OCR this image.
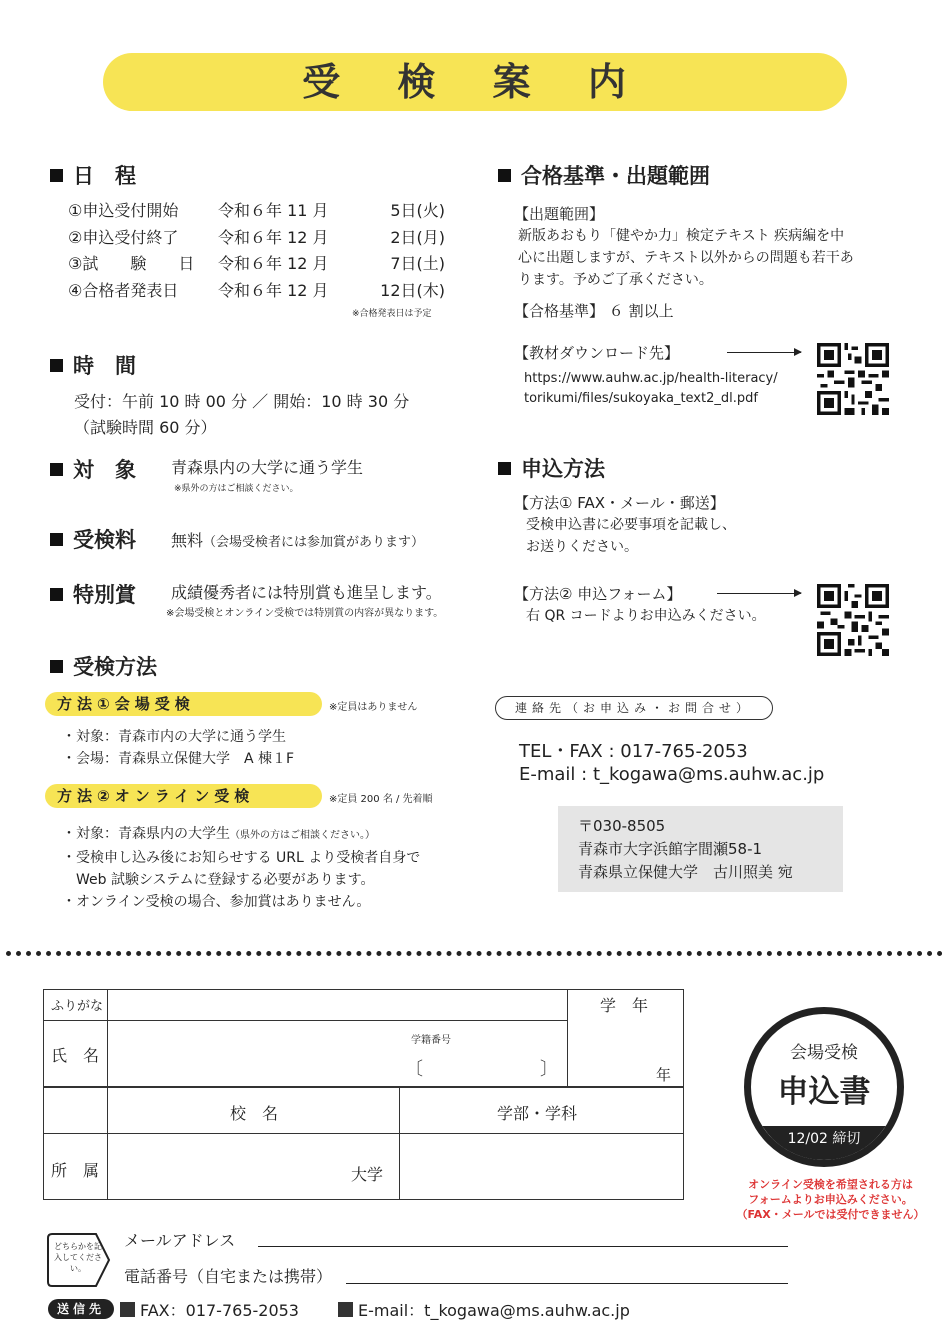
受 検 案 内
日　程
①申込受付開始 令和６年 11 月	5日(火)
②申込受付終了 令和６年 12 月	2日(月)
③試　　験　　日 令和６年 12 月	7日(土)
④合格者発表日 令和６年 12 月	12日(木)
※合格発表日は予定
時　間
受付：午前 10 時 00 分 ／ 開始：10 時 30 分
（試験時間 60 分）
対　象 青森県内の大学に通う学生
※県外の方はご相談ください。
受検料 無料（会場受検者には参加賞があります）
特別賞 成績優秀者には特別賞も進呈します。
※会場受検とオンライン受検では特別賞の内容が異なります。
受検方法
方法①会場受検	※定員はありません
・対象：青森市内の大学に通う学生
・会場：青森県立保健大学　A 棟１F
方法②オンライン受検	※定員 200 名 / 先着順
・対象：青森県内の大学生（県外の方はご相談ください。）
・受検申し込み後にお知らせする URL より受検者自身で
Web 試験システムに登録する必要があります。
・オンライン受検の場合、参加賞はありません。
合格基準・出題範囲
【出題範囲】
新版あおもり「健やか力」検定テキスト 疾病編を中
心に出題しますが、テキスト以外からの問題も若干あ
ります。予めご了承ください。
【合格基準】 ６ 割以上
【教材ダウンロード先】
https://www.auhw.ac.jp/health-literacy/
torikumi/files/sukoyaka_text2_dl.pdf
申込方法
【方法① FAX・メール・郵送】
受検申込書に必要事項を記載し、
お送りください。
【方法② 申込フォーム】
右 QR コードよりお申込みください。
連絡先（お申込み・お問合せ）
TEL・FAX : 017-765-2053
E-mail : t_kogawa@ms.auhw.ac.jp
〒030-8505
青森市大字浜館字間瀬58-1
青森県立保健大学　古川照美 宛
ふりがな	学　年
氏　名
学籍番号
〔	〕	年
校　名	学部・学科
所　属	大学
会場受検
申込書
12/02 締切
オンライン受検を希望される方は
フォームよりお申込みください。
（FAX・メールでは受付できません）
どちらかを記入してください。
メールアドレス
電話番号（自宅または携帯）
送信先	FAX：017-765-2053	E-mail：t_kogawa@ms.auhw.ac.jp
